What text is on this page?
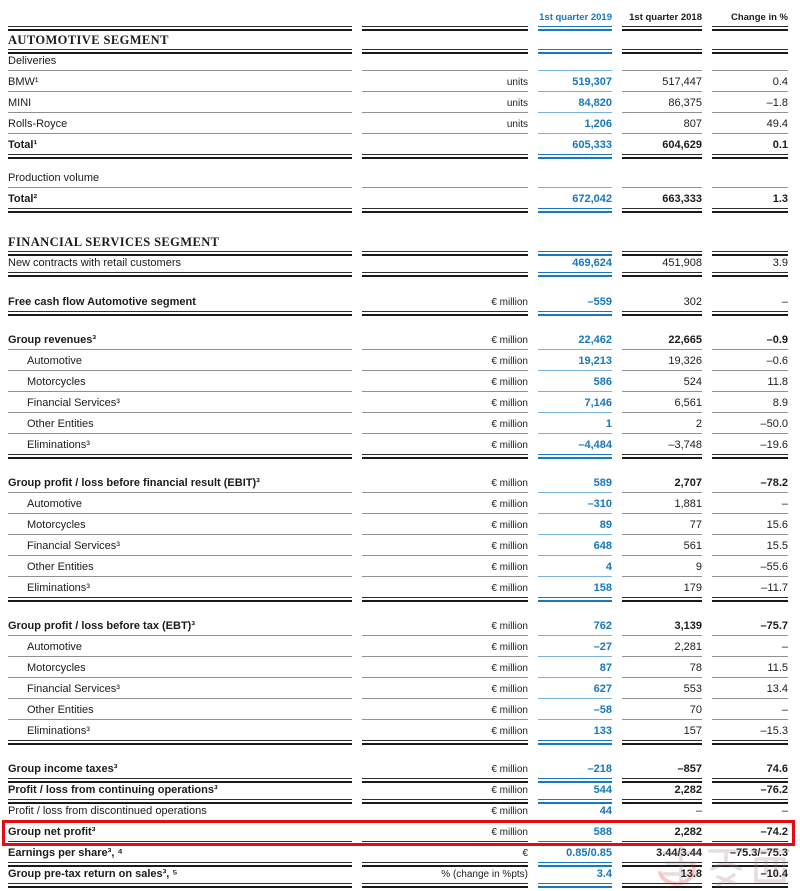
1st quarter 2019	1st quarter 2018	Change in %
AUTOMOTIVE SEGMENT
Deliveries
BMW¹	units	519,307	517,447	0.4
MINI	units	84,820	86,375	–1.8
Rolls-Royce	units	1,206	807	49.4
Total¹	605,333	604,629	0.1
Production volume
Total²	672,042	663,333	1.3
FINANCIAL SERVICES SEGMENT
New contracts with retail customers	469,624	451,908	3.9
Free cash flow Automotive segment	€ million	–559	302	–
Group revenues³	€ million	22,462	22,665	–0.9
Automotive	€ million	19,213	19,326	–0.6
Motorcycles	€ million	586	524	11.8
Financial Services³	€ million	7,146	6,561	8.9
Other Entities	€ million	1	2	–50.0
Eliminations³	€ million	–4,484	–3,748	–19.6
Group profit / loss before financial result (EBIT)³	€ million	589	2,707	–78.2
Automotive	€ million	–310	1,881	–
Motorcycles	€ million	89	77	15.6
Financial Services³	€ million	648	561	15.5
Other Entities	€ million	4	9	–55.6
Eliminations³	€ million	158	179	–11.7
Group profit / loss before tax (EBT)³	€ million	762	3,139	–75.7
Automotive	€ million	–27	2,281	–
Motorcycles	€ million	87	78	11.5
Financial Services³	€ million	627	553	13.4
Other Entities	€ million	–58	70	–
Eliminations³	€ million	133	157	–15.3
Group income taxes³	€ million	–218	–857	74.6
Profit / loss from continuing operations³	€ million	544	2,282	–76.2
Profit / loss from discontinued operations	€ million	44	–	–
Group net profit³	€ million	588	2,282	–74.2
Earnings per share³, ⁴	€	0.85/0.85	3.44/3.44	–75.3/–75.3
Group pre-tax return on sales³, ⁵	% (change in %pts)	3.4	13.8	–10.4
